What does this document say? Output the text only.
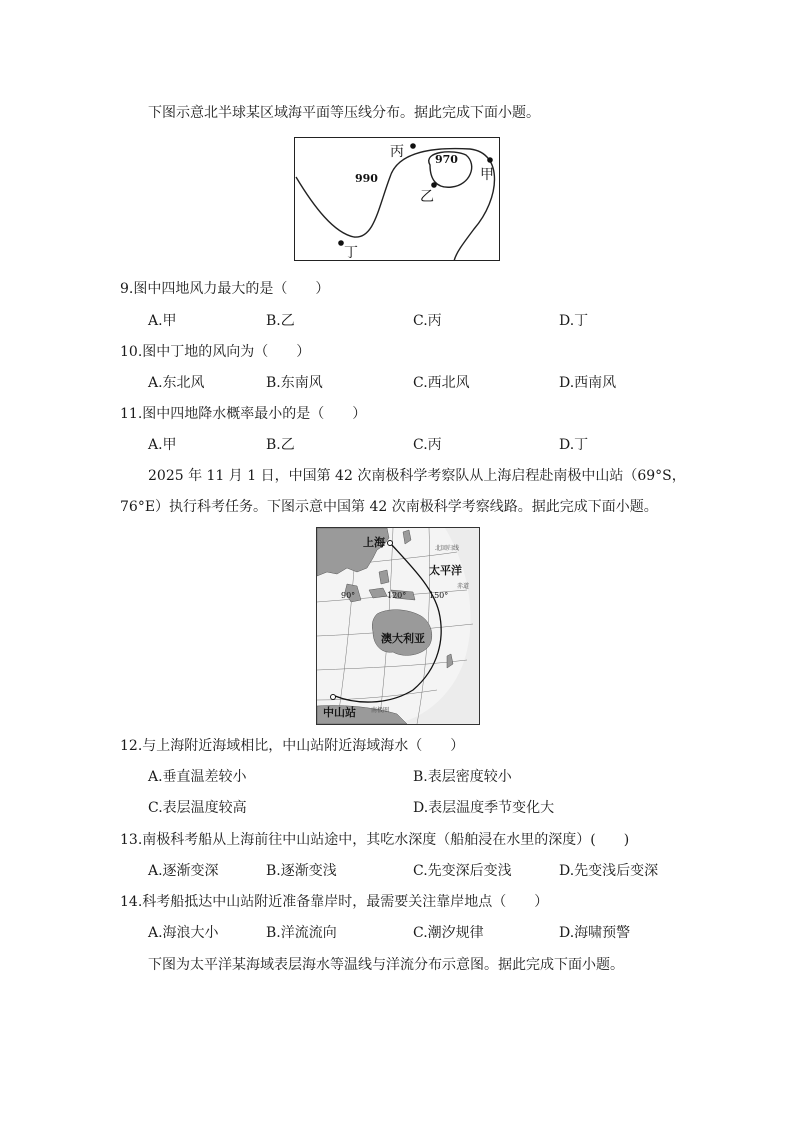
下图示意北半球某区域海平面等压线分布。据此完成下面小题。
990
970
丙
甲
乙
丁
9.图中四地风力最大的是（　　）
A.甲	B.乙	C.丙	D.丁
10.图中丁地的风向为（　　）
A.东北风	B.东南风	C.西北风	D.西南风
11.图中四地降水概率最小的是（　　）
A.甲	B.乙	C.丙	D.丁
2025 年 11 月 1 日，中国第 42 次南极科学考察队从上海启程赴南极中山站（69°S，
76°E）执行科考任务。下图示意中国第 42 次南极科学考察线路。据此完成下面小题。
北回归线
赤道
南极圈
90°	120°	150°
上海
太平洋
澳大利亚
中山站
12.与上海附近海域相比，中山站附近海域海水（　　）
A.垂直温差较小	B.表层密度较小
C.表层温度较高	D.表层温度季节变化大
13.南极科考船从上海前往中山站途中，其吃水深度（船舶浸在水里的深度）(　　)
A.逐渐变深	B.逐渐变浅	C.先变深后变浅	D.先变浅后变深
14.科考船抵达中山站附近准备靠岸时，最需要关注靠岸地点（　　）
A.海浪大小	B.洋流流向	C.潮汐规律	D.海啸预警
下图为太平洋某海域表层海水等温线与洋流分布示意图。据此完成下面小题。
